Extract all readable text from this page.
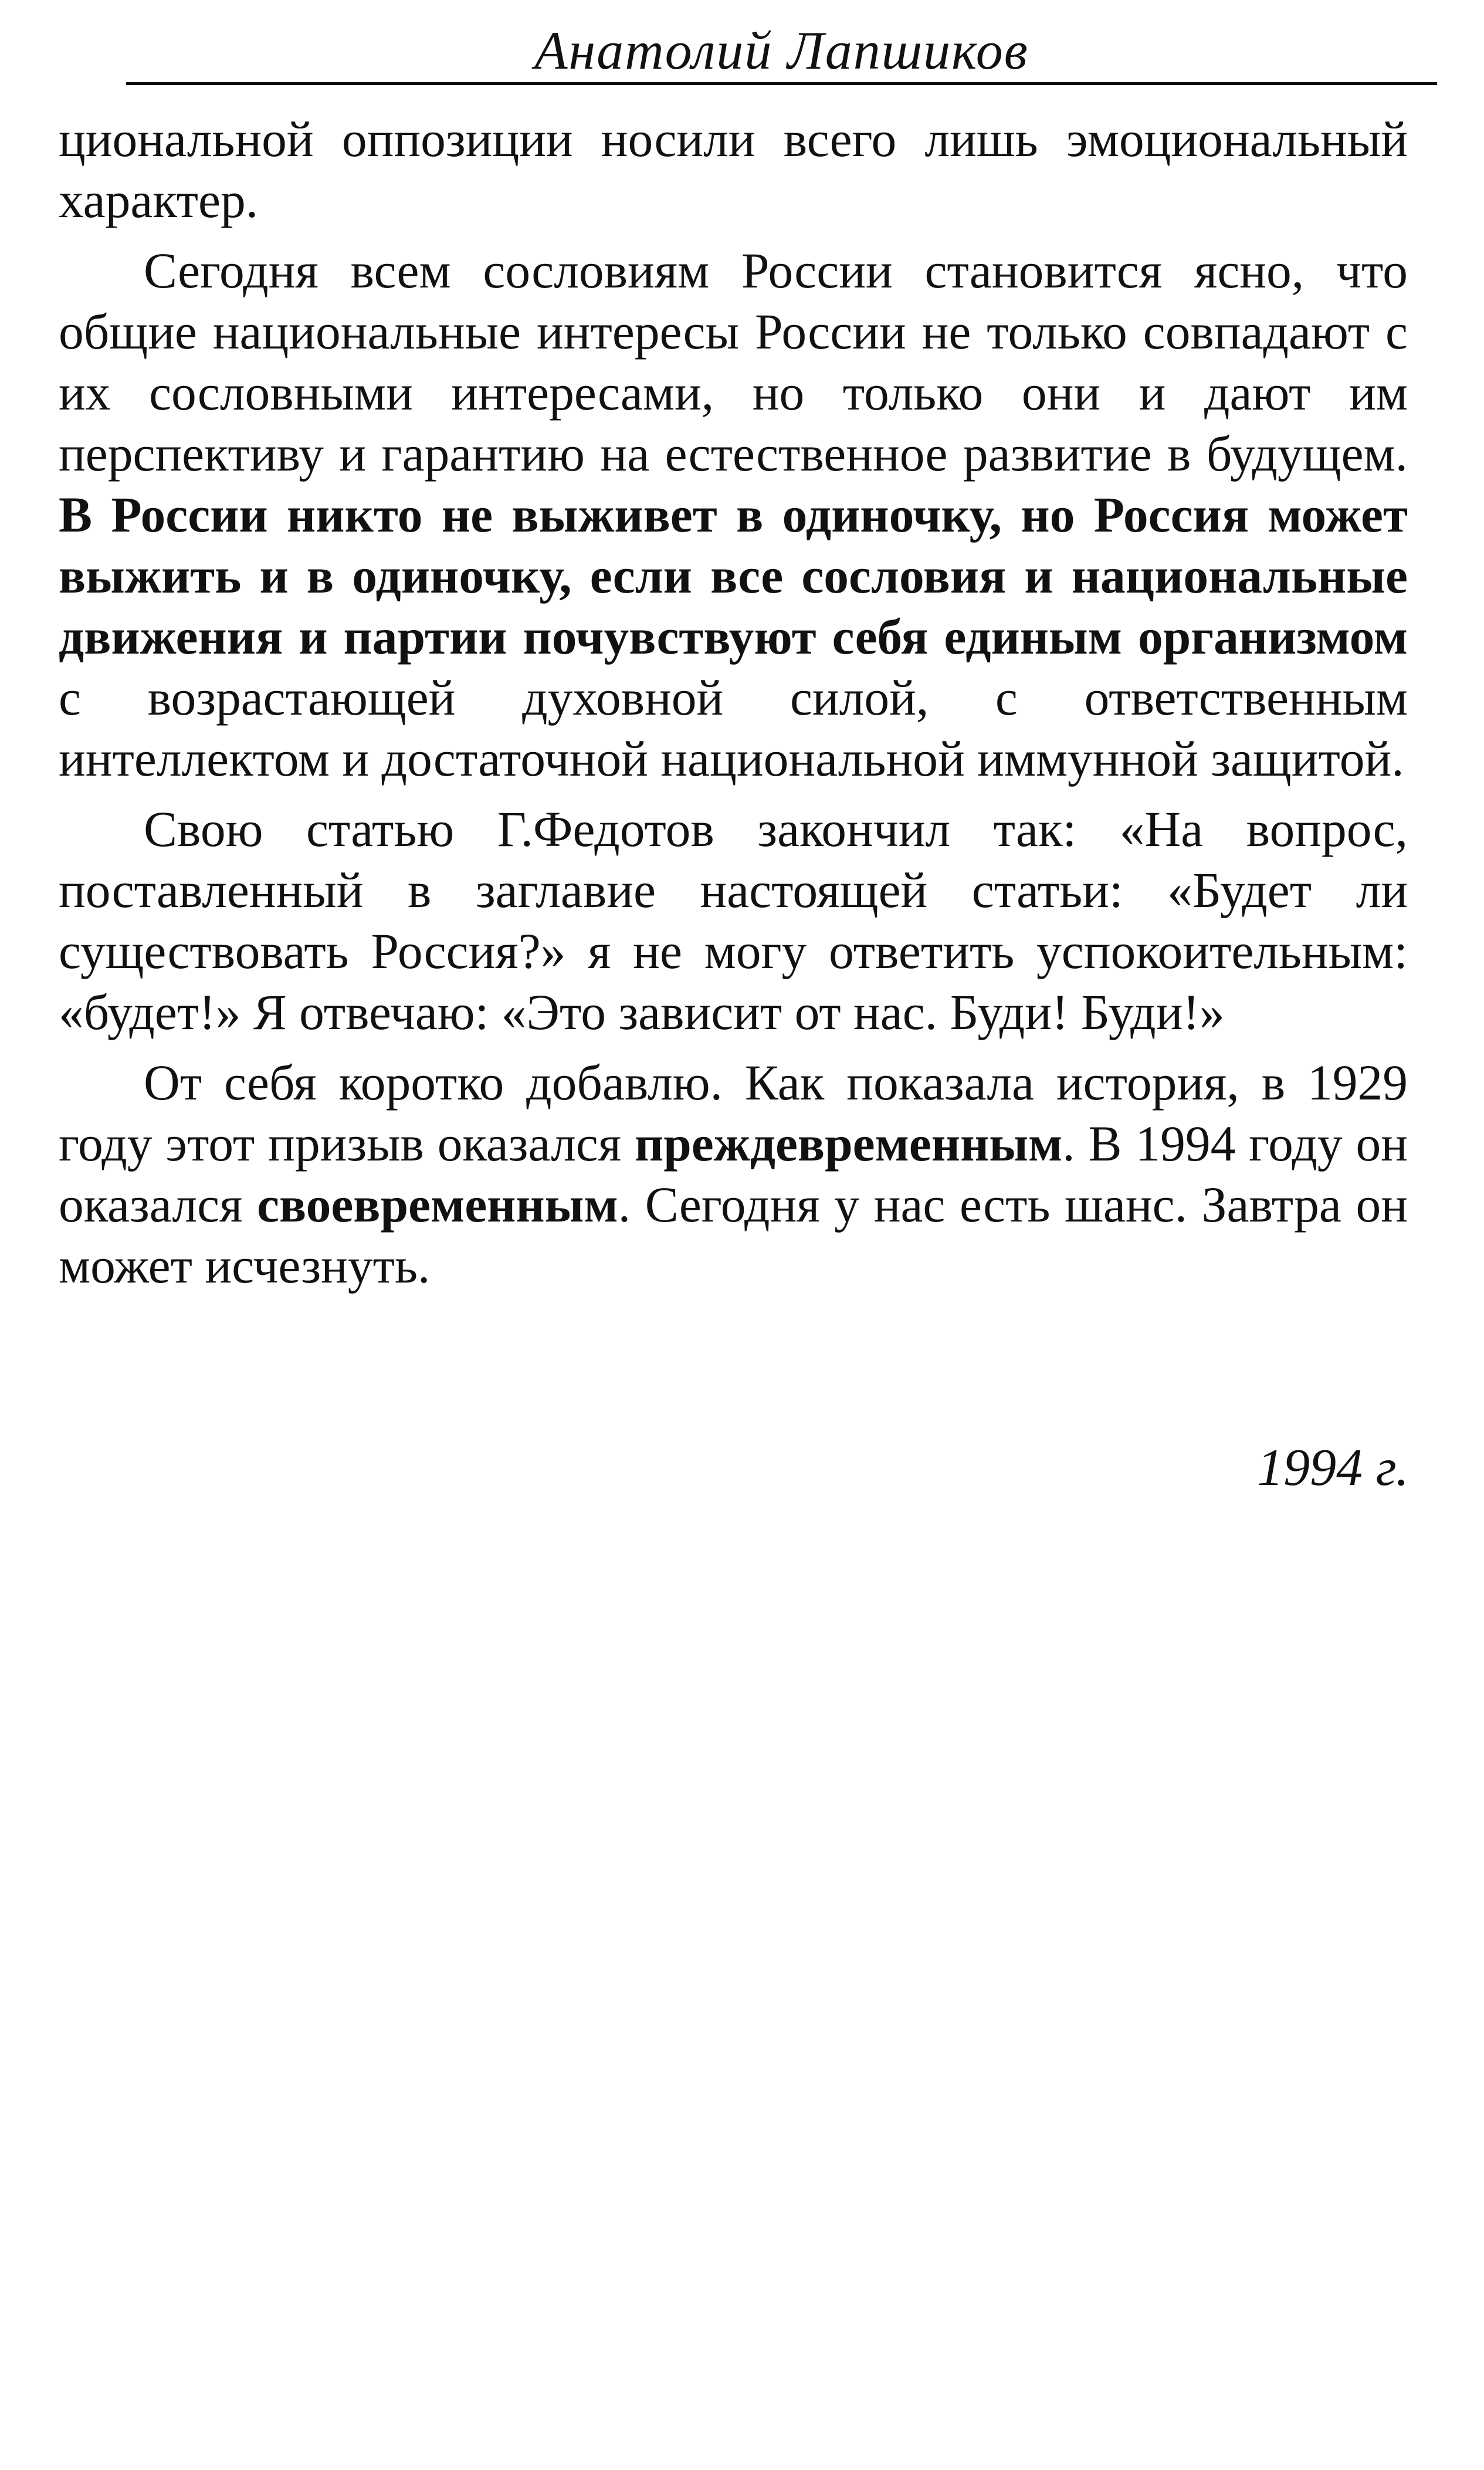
Анатолий Лапшиков

циональной оппозиции носили всего лишь эмоциональный характер.

Сегодня всем сословиям России становится ясно, что общие национальные интересы России не только совпадают с их сословными интересами, но только они и дают им перспективу и гарантию на естественное развитие в будущем. В России никто не выживет в одиночку, но Россия может выжить и в одиночку, если все сословия и национальные движения и партии почувствуют себя единым организмом с возрастающей духовной силой, с ответственным интеллектом и достаточной национальной иммунной защитой.

Свою статью Г.Федотов закончил так: «На вопрос, поставленный в заглавие настоящей статьи: «Будет ли существовать Россия?» я не могу ответить успокоительным: «будет!» Я отвечаю: «Это зависит от нас. Буди! Буди!»

От себя коротко добавлю. Как показала история, в 1929 году этот призыв оказался преждевременным. В 1994 году он оказался своевременным. Сегодня у нас есть шанс. Завтра он может исчезнуть.

1994 г.
